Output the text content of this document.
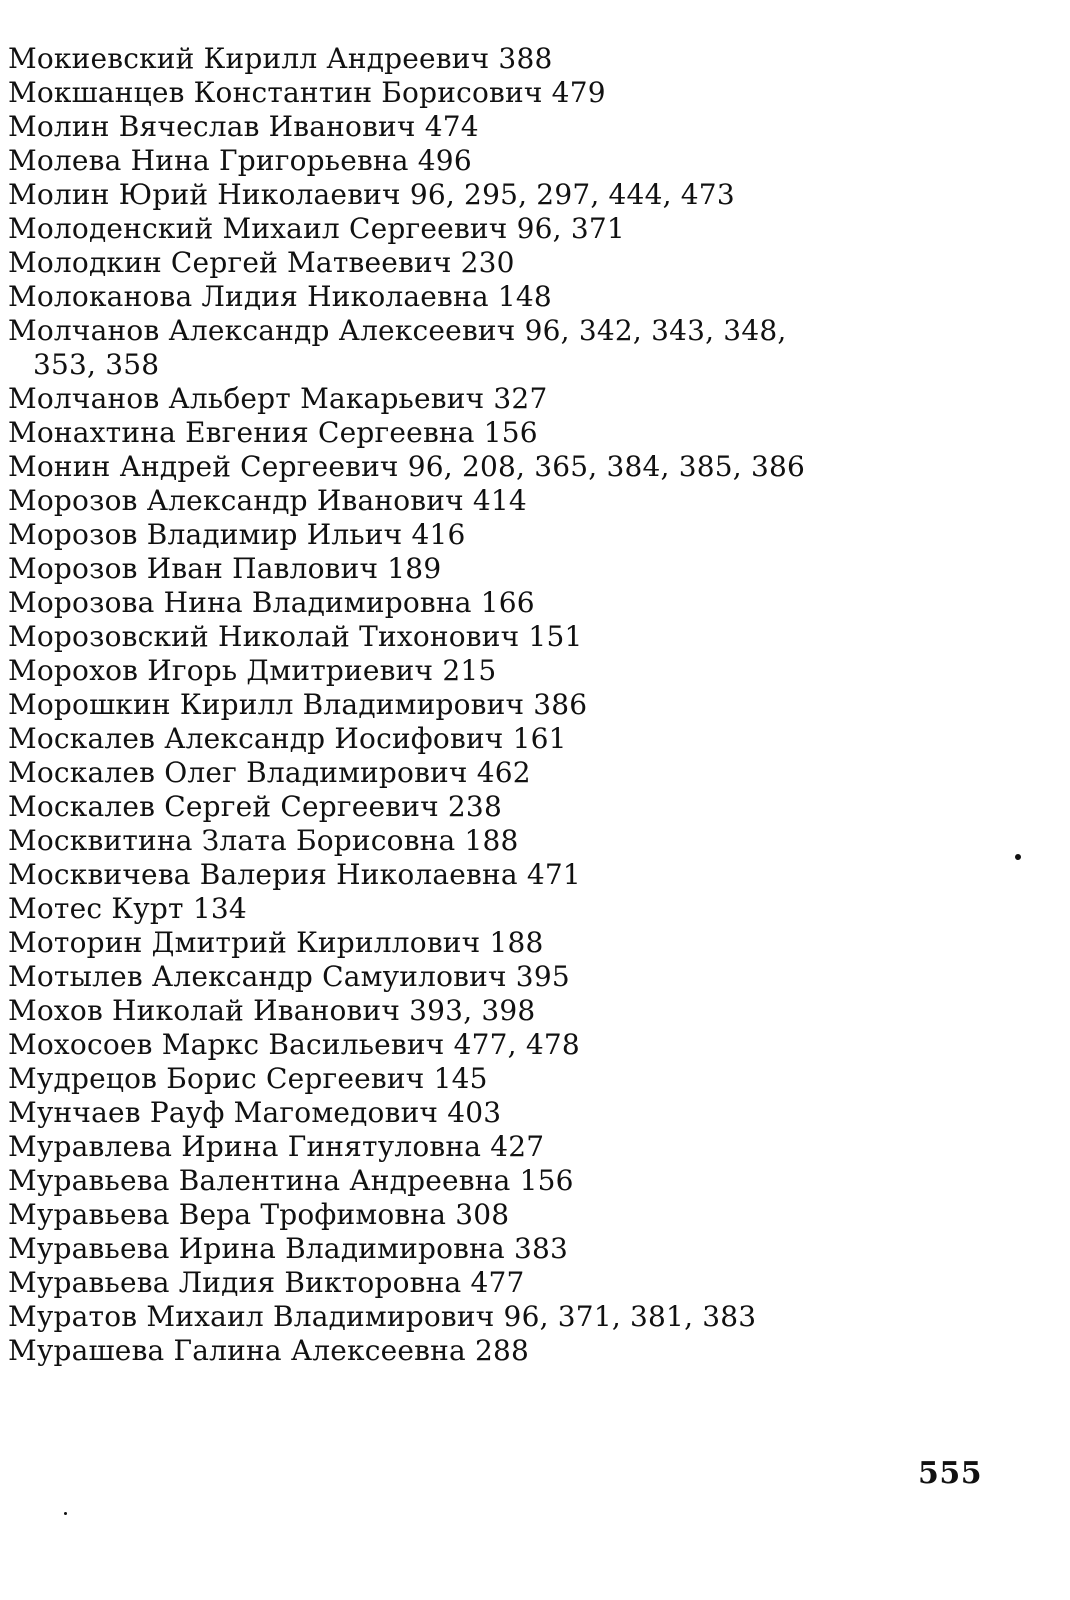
Мокиевский Кирилл Андреевич 388
Мокшанцев Константин Борисович 479
Молин Вячеслав Иванович 474
Молева Нина Григорьевна 496
Молин Юрий Николаевич 96, 295, 297, 444, 473
Молоденский Михаил Сергеевич 96, 371
Молодкин Сергей Матвеевич 230
Молоканова Лидия Николаевна 148
Молчанов Александр Алексеевич 96, 342, 343, 348,
353, 358
Молчанов Альберт Макарьевич 327
Монахтина Евгения Сергеевна 156
Монин Андрей Сергеевич 96, 208, 365, 384, 385, 386
Морозов Александр Иванович 414
Морозов Владимир Ильич 416
Морозов Иван Павлович 189
Морозова Нина Владимировна 166
Морозовский Николай Тихонович 151
Морохов Игорь Дмитриевич 215
Морошкин Кирилл Владимирович 386
Москалев Александр Иосифович 161
Москалев Олег Владимирович 462
Москалев Сергей Сергеевич 238
Москвитина Злата Борисовна 188
Москвичева Валерия Николаевна 471
Мотес Курт 134
Моторин Дмитрий Кириллович 188
Мотылев Александр Самуилович 395
Мохов Николай Иванович 393, 398
Мохосоев Маркс Васильевич 477, 478
Мудрецов Борис Сергеевич 145
Мунчаев Рауф Магомедович 403
Муравлева Ирина Гинятуловна 427
Муравьева Валентина Андреевна 156
Муравьева Вера Трофимовна 308
Муравьева Ирина Владимировна 383
Муравьева Лидия Викторовна 477
Муратов Михаил Владимирович 96, 371, 381, 383
Мурашева Галина Алексеевна 288
555
